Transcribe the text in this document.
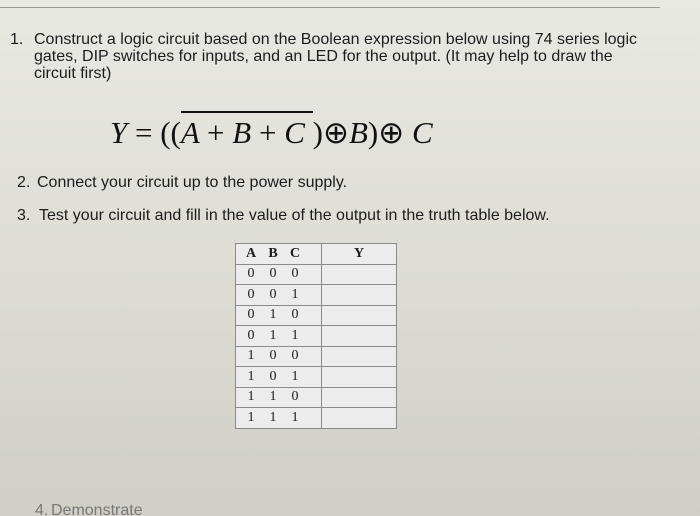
1. Construct a logic circuit based on the Boolean expression below using 74 series logic gates, DIP switches for inputs, and an LED for the output. (It may help to draw the circuit first)
Y = ((A + B + C )⊕B)⊕ C
2. Connect your circuit up to the power supply.
3. Test your circuit and fill in the value of the output in the truth table below.
A B C	Y
0 0 0	
0 0 1	
0 1 0	
0 1 1	
1 0 0	
1 0 1	
1 1 0	
1 1 1	
4. Demonstrate
